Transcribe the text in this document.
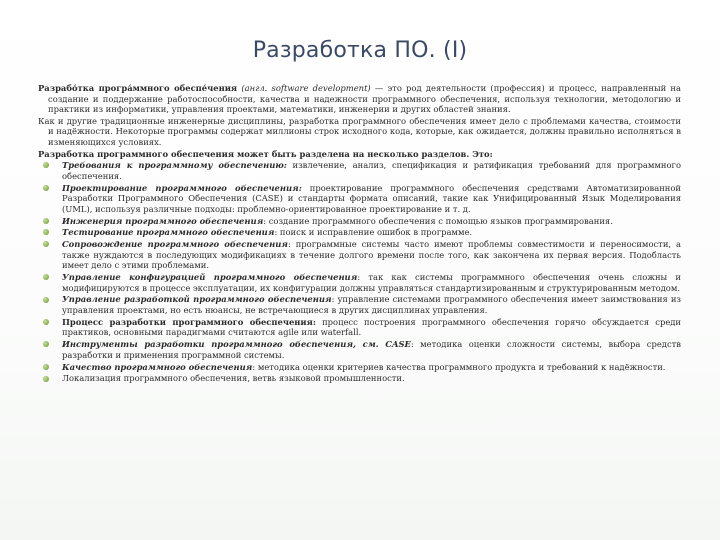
Разработка ПО. (I)

Разрабо́тка програ́ммного обеспе́чения (англ. software development) — это род деятельности (профессия) и процесс, направленный на создание и поддержание работоспособности, качества и надежности программного обеспечения, используя технологии, методологию и практики из информатики, управления проектами, математики, инженерии и других областей знания.

Как и другие традиционные инженерные дисциплины, разработка программного обеспечения имеет дело с проблемами качества, стоимости и надёжности. Некоторые программы содержат миллионы строк исходного кода, которые, как ожидается, должны правильно исполняться в изменяющихся условиях.

Разработка программного обеспечения может быть разделена на несколько разделов. Это:

Требования к программному обеспечению: извлечение, анализ, спецификация и ратификация требований для программного обеспечения.
Проектирование программного обеспечения: проектирование программного обеспечения средствами Автоматизированной Разработки Программного Обеспечения (CASE) и стандарты формата описаний, такие как Унифицированный Язык Моделирования (UML), используя различные подходы: проблемно-ориентированное проектирование и т. д.
Инженерия программного обеспечения: создание программного обеспечения с помощью языков программирования.
Тестирование программного обеспечения: поиск и исправление ошибок в программе.
Сопровождение программного обеспечения: программные системы часто имеют проблемы совместимости и переносимости, а также нуждаются в последующих модификациях в течение долгого времени после того, как закончена их первая версия. Подобласть имеет дело с этими проблемами.
Управление конфигурацией программного обеспечения: так как системы программного обеспечения очень сложны и модифицируются в процессе эксплуатации, их конфигурации должны управляться стандартизированным и структурированным методом.
Управление разработкой программного обеспечения: управление системами программного обеспечения имеет заимствования из управления проектами, но есть нюансы, не встречающиеся в других дисциплинах управления.
Процесс разработки программного обеспечения: процесс построения программного обеспечения горячо обсуждается среди практиков, основными парадигмами считаются agile или waterfall.
Инструменты разработки программного обеспечения, см. CASE: методика оценки сложности системы, выбора средств разработки и применения программной системы.
Качество программного обеспечения: методика оценки критериев качества программного продукта и требований к надёжности.
Локализация программного обеспечения, ветвь языковой промышленности.
